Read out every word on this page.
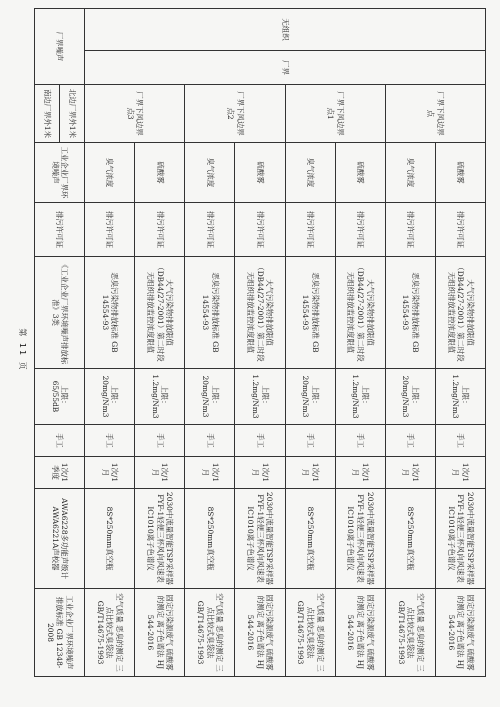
无组织	厂界	厂界下风边界点	硫酸雾	排污许可证	大气污染物排放限值（DB44/27-2001）第二时段无组织排放监控浓度限值	上限：1.2mg/Nm3	手工	1次/1月	2030中流量智能TSP采样器FYF-1轻便三杯风向风速表IC1010离子色谱仪	固定污染源废气 硫酸雾的测定 离子色谱法 HJ 544-2016
			臭气浓度	排污许可证	恶臭污染物排放标准 GB 14554-93	上限：20mg/Nm3	手工	1次/1月	8S*250mm真空瓶	空气质量 恶臭的测定 三点比较式臭袋法 GB/T14675-1993
		厂界下风边界点1	硫酸雾	排污许可证	大气污染物排放限值（DB44/27-2001）第二时段无组织排放监控浓度限值	上限：1.2mg/Nm3	手工	1次/1月	2030中流量智能TSP采样器FYF-1轻便三杯风向风速表IC1010离子色谱仪	固定污染源废气 硫酸雾的测定 离子色谱法 HJ 544-2016
			臭气浓度	排污许可证	恶臭污染物排放标准 GB 14554-93	上限：20mg/Nm3	手工	1次/1月	8S*250mm真空瓶	空气质量 恶臭的测定 三点比较式臭袋法 GB/T14675-1993
		厂界下风边界点2	硫酸雾	排污许可证	大气污染物排放限值（DB44/27-2001）第二时段无组织排放监控浓度限值	上限：1.2mg/Nm3	手工	1次/1月	2030中流量智能TSP采样器FYF-1轻便三杯风向风速表IC1010离子色谱仪	固定污染源废气 硫酸雾的测定 离子色谱法 HJ 544-2016
			臭气浓度	排污许可证	恶臭污染物排放标准 GB 14554-93	上限：20mg/Nm3	手工	1次/1月	8S*250mm真空瓶	空气质量 恶臭的测定 三点比较式臭袋法 GB/T14675-1993
		厂界下风边界点3	硫酸雾	排污许可证	大气污染物排放限值（DB44/27-2001）第二时段无组织排放监控浓度限值	上限：1.2mg/Nm3	手工	1次/1月	2030中流量智能TSP采样器FYF-1轻便三杯风向风速表IC1010离子色谱仪	固定污染源废气 硫酸雾的测定 离子色谱法 HJ 544-2016
			臭气浓度	排污许可证	恶臭污染物排放标准 GB 14554-93	上限：20mg/Nm3	手工	1次/1月	8S*250mm真空瓶	空气质量 恶臭的测定 三点比较式臭袋法 GB/T14675-1993
厂界噪声		北边厂界外1米	工业企业厂界环境噪声	排污许可证	《工业企业厂界环境噪声排放标准》3类	上限：65/55dB	手工	1次/1季度	AWA6228多功能声级计 AWA6221A声校器	工业企业厂界环境噪声排放标准 GB 12348-2008
		南边厂界外1米								
第 11 页
